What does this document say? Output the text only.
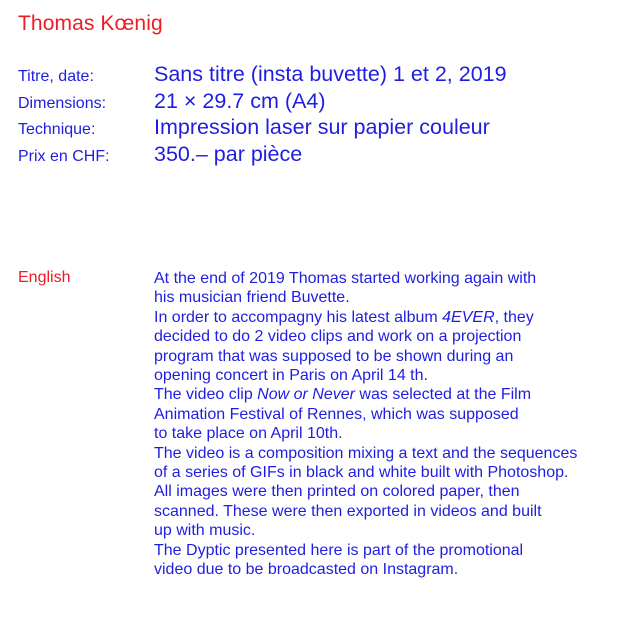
Thomas Kœnig
Titre, date:	Sans titre (insta buvette) 1 et 2, 2019
Dimensions:	21 × 29.7 cm (A4)
Technique:	Impression laser sur papier couleur
Prix en CHF:	350.– par pièce
English	At the end of 2019 Thomas started working again with
his musician friend Buvette.
In order to accompagny his latest album 4EVER, they
decided to do 2 video clips and work on a projection
program that was supposed to be shown during an
opening concert in Paris on April 14 th.
The video clip Now or Never was selected at the Film
Animation Festival of Rennes, which was supposed
to take place on April 10th.
The video is a composition mixing a text and the sequences
of a series of GIFs in black and white built with Photoshop.
All images were then printed on colored paper, then
scanned. These were then exported in videos and built
up with music.
The Dyptic presented here is part of the promotional
video due to be broadcasted on Instagram.
